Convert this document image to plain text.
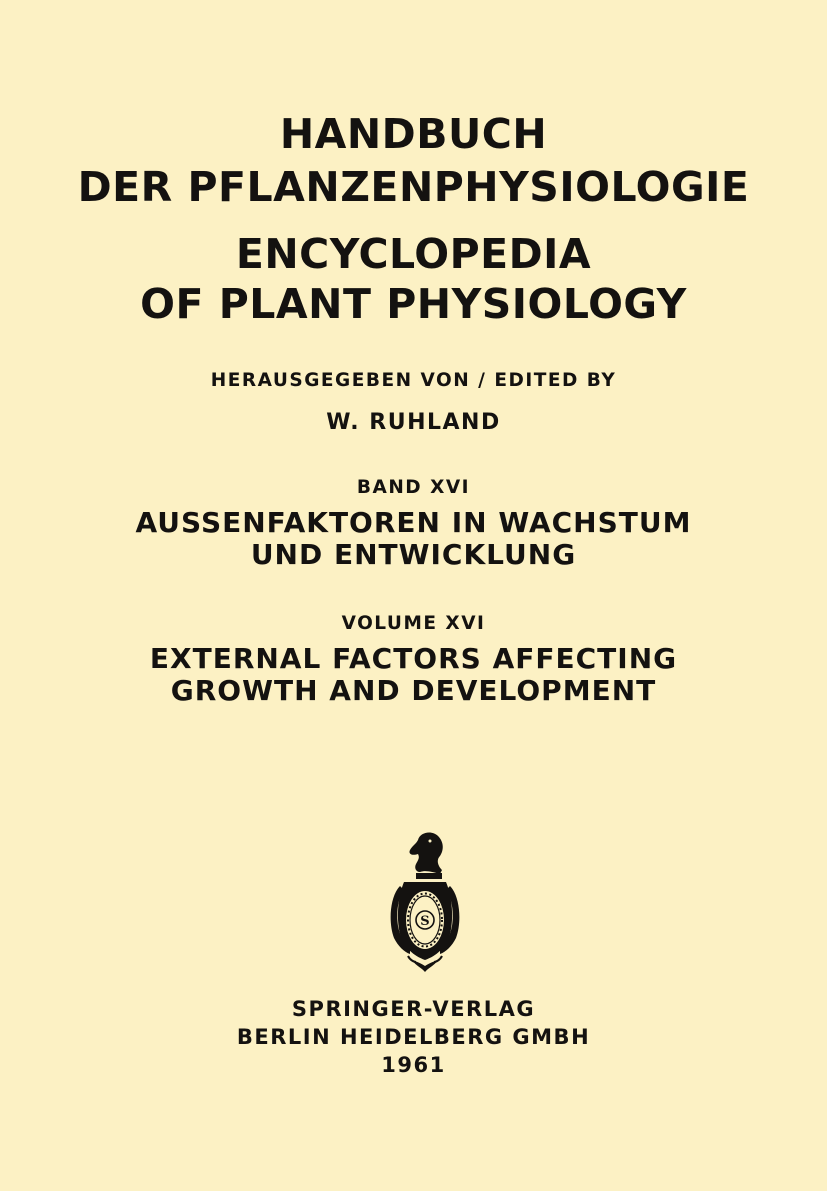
HANDBUCH
DER PFLANZENPHYSIOLOGIE
ENCYCLOPEDIA
OF PLANT PHYSIOLOGY
HERAUSGEGEBEN VON / EDITED BY
W. RUHLAND
BAND XVI
AUSSENFAKTOREN IN WACHSTUM
UND ENTWICKLUNG
VOLUME XVI
EXTERNAL FACTORS AFFECTING
GROWTH AND DEVELOPMENT
S
SPRINGER-VERLAG
BERLIN HEIDELBERG GMBH
1961
